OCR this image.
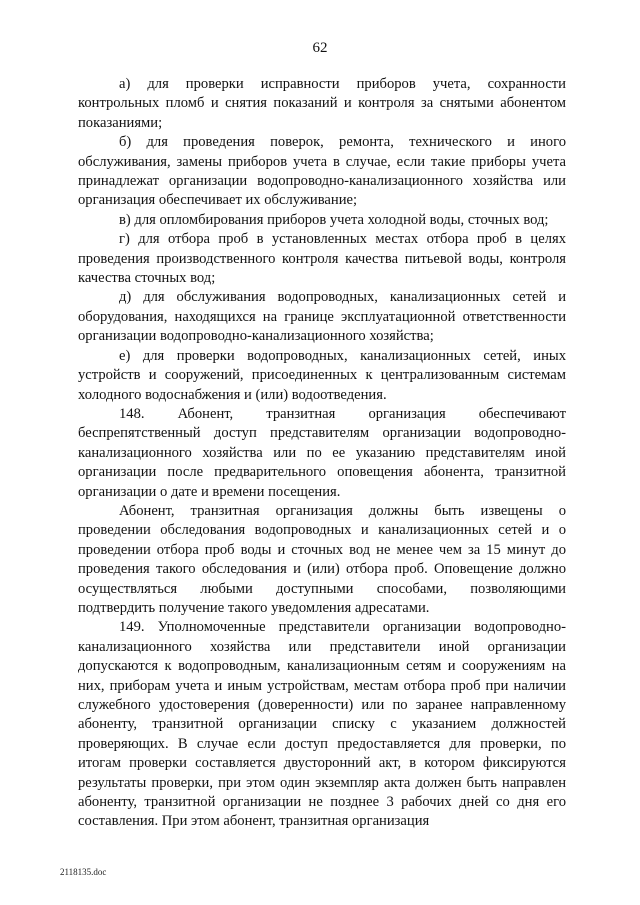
62

а) для проверки исправности приборов учета, сохранности контрольных пломб и снятия показаний и контроля за снятыми абонентом показаниями;

б) для проведения поверок, ремонта, технического и иного обслуживания, замены приборов учета в случае, если такие приборы учета принадлежат организации водопроводно-канализационного хозяйства или организация обеспечивает их обслуживание;

в) для опломбирования приборов учета холодной воды, сточных вод;

г) для отбора проб в установленных местах отбора проб в целях проведения производственного контроля качества питьевой воды, контроля качества сточных вод;

д) для обслуживания водопроводных, канализационных сетей и оборудования, находящихся на границе эксплуатационной ответственности организации водопроводно-канализационного хозяйства;

е) для проверки водопроводных, канализационных сетей, иных устройств и сооружений, присоединенных к централизованным системам холодного водоснабжения и (или) водоотведения.

148. Абонент, транзитная организация обеспечивают беспрепятственный доступ представителям организации водопроводно-канализационного хозяйства или по ее указанию представителям иной организации после предварительного оповещения абонента, транзитной организации о дате и времени посещения.

Абонент, транзитная организация должны быть извещены о проведении обследования водопроводных и канализационных сетей и о проведении отбора проб воды и сточных вод не менее чем за 15 минут до проведения такого обследования и (или) отбора проб. Оповещение должно осуществляться любыми доступными способами, позволяющими подтвердить получение такого уведомления адресатами.

149. Уполномоченные представители организации водопроводно-канализационного хозяйства или представители иной организации допускаются к водопроводным, канализационным сетям и сооружениям на них, приборам учета и иным устройствам, местам отбора проб при наличии служебного удостоверения (доверенности) или по заранее направленному абоненту, транзитной организации списку с указанием должностей проверяющих. В случае если доступ предоставляется для проверки, по итогам проверки составляется двусторонний акт, в котором фиксируются результаты проверки, при этом один экземпляр акта должен быть направлен абоненту, транзитной организации не позднее 3 рабочих дней со дня его составления. При этом абонент, транзитная организация

2118135.doc
